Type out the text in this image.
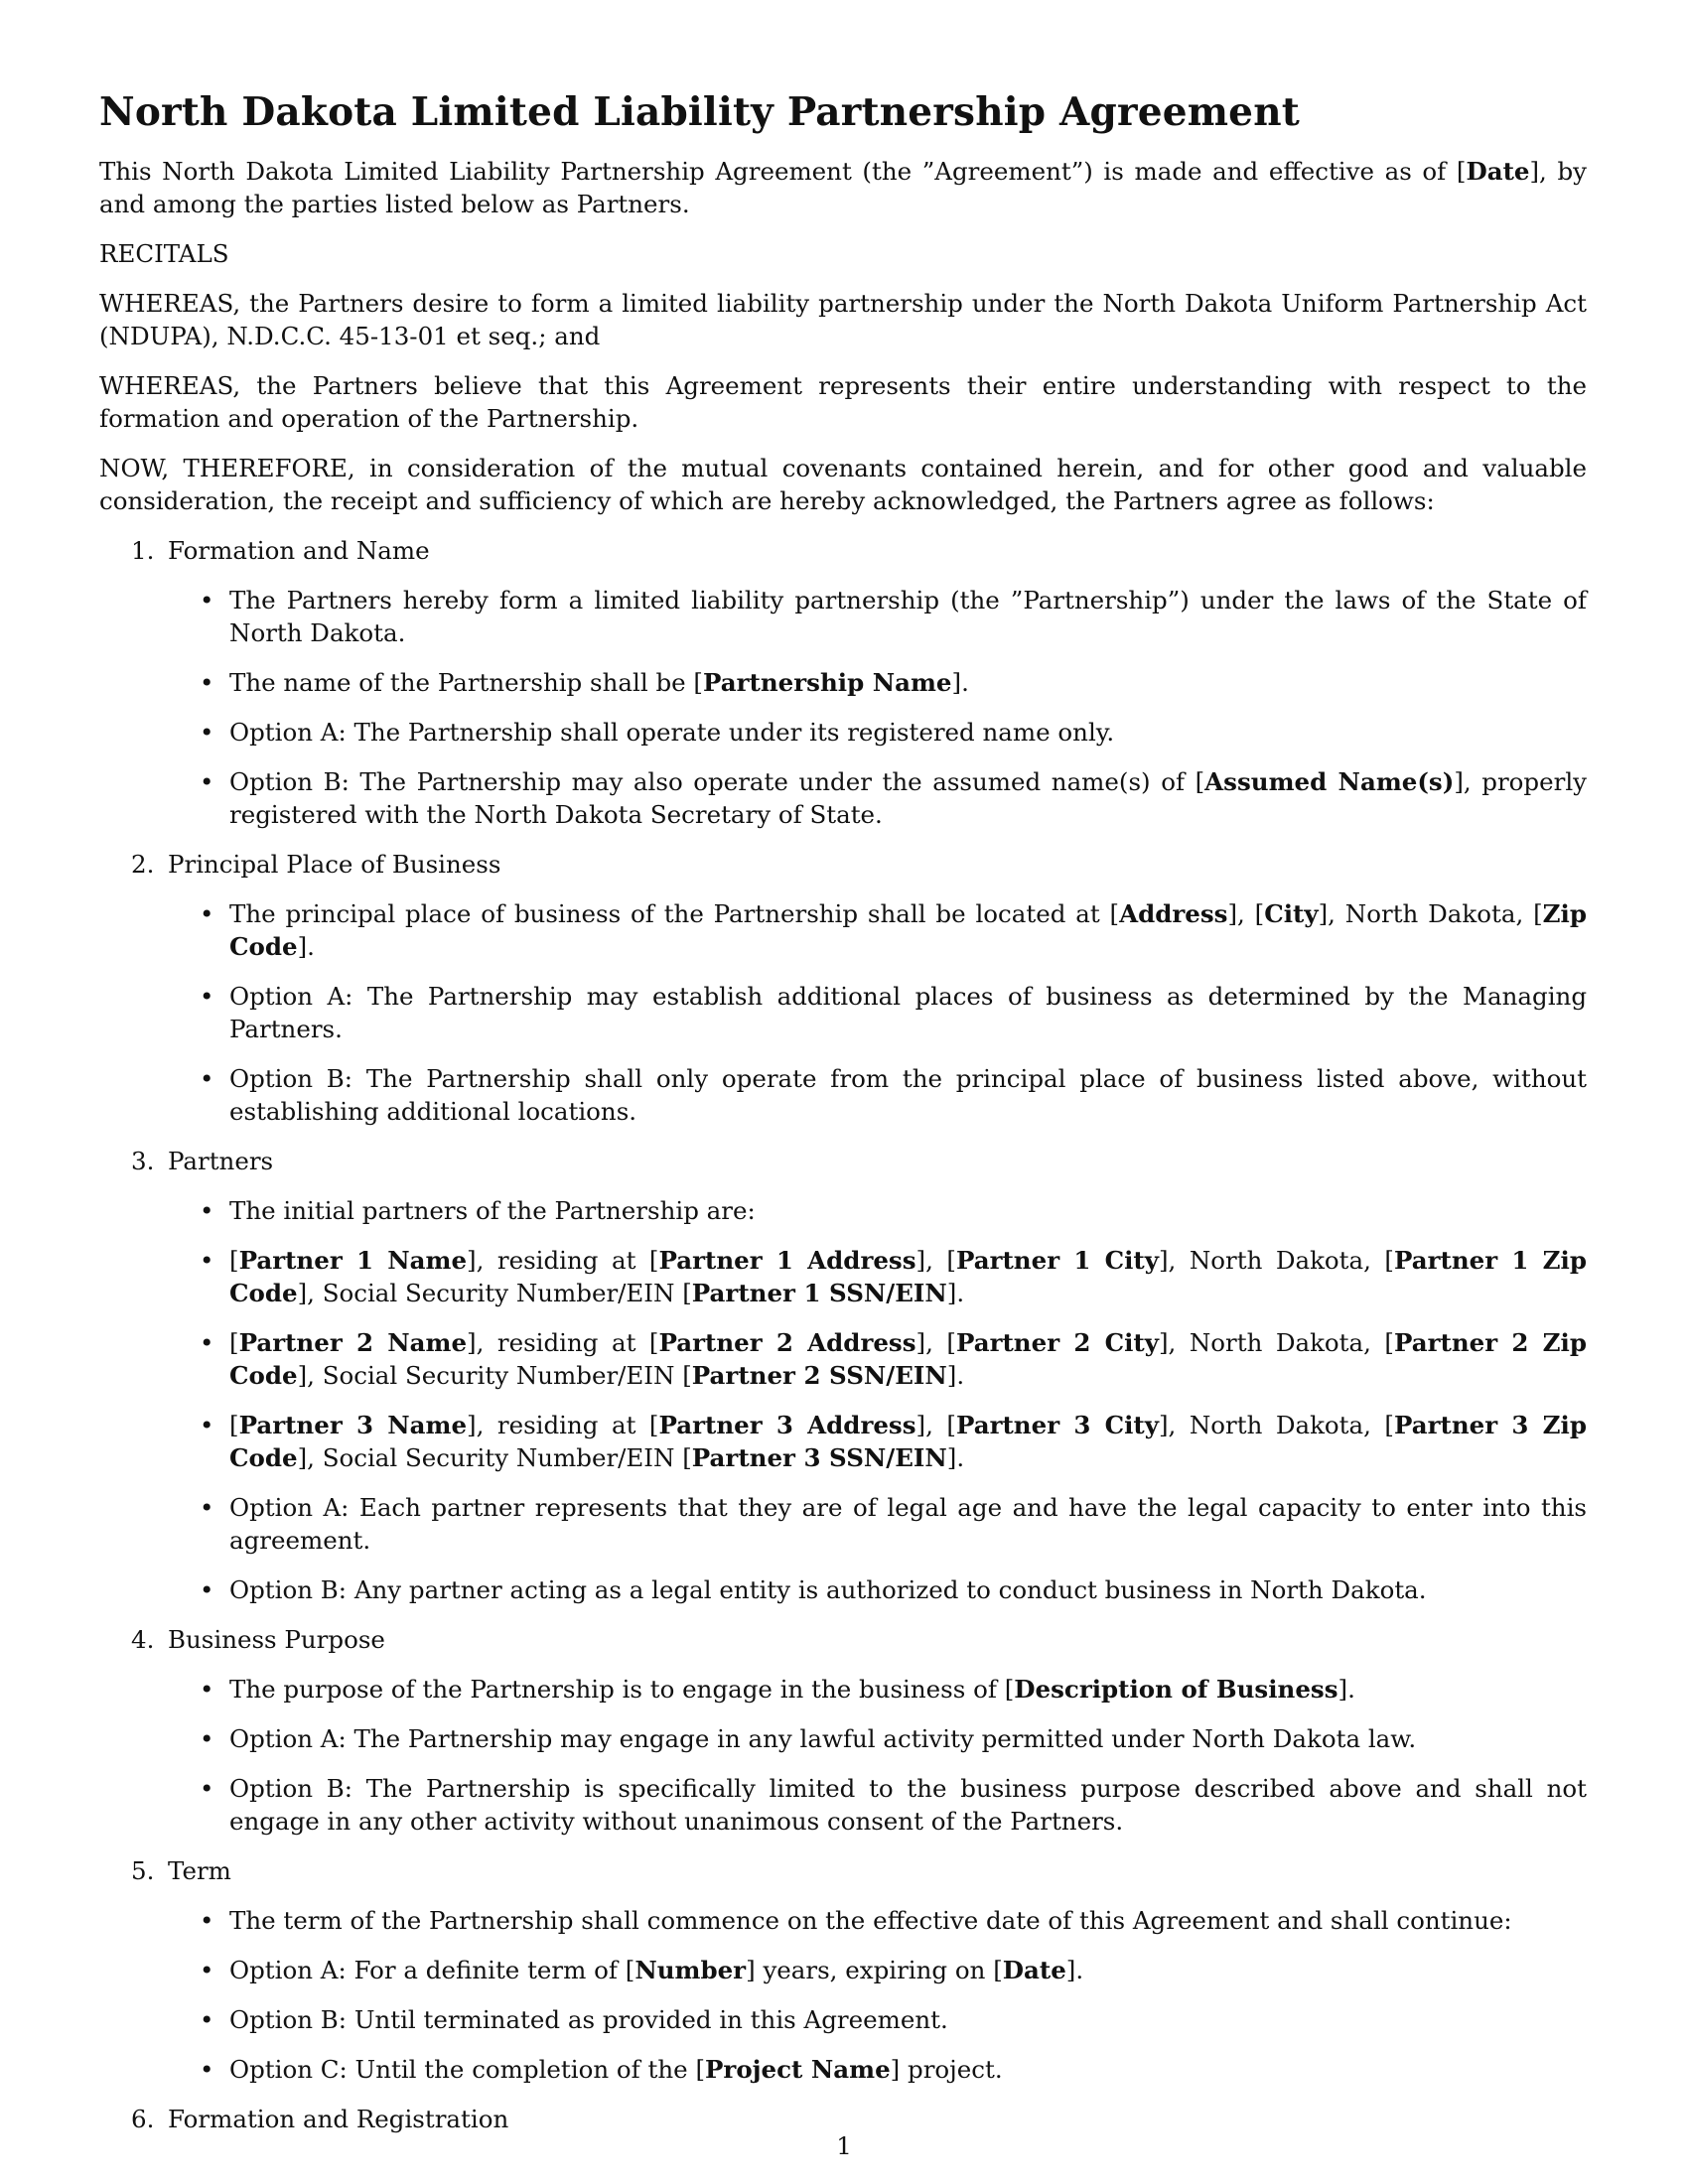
North Dakota Limited Liability Partnership Agreement

This North Dakota Limited Liability Partnership Agreement (the ”Agreement”) is made and effective as of [Date], by and among the parties listed below as Partners.

RECITALS

WHEREAS, the Partners desire to form a limited liability partnership under the North Dakota Uniform Partnership Act (NDUPA), N.D.C.C. 45-13-01 et seq.; and

WHEREAS, the Partners believe that this Agreement represents their entire understanding with respect to the formation and operation of the Partnership.

NOW, THEREFORE, in consideration of the mutual covenants contained herein, and for other good and valuable consideration, the receipt and sufficiency of which are hereby acknowledged, the Partners agree as follows:

1. Formation and Name
• The Partners hereby form a limited liability partnership (the ”Partnership”) under the laws of the State of North Dakota.
• The name of the Partnership shall be [Partnership Name].
• Option A: The Partnership shall operate under its registered name only.
• Option B: The Partnership may also operate under the assumed name(s) of [Assumed Name(s)], properly registered with the North Dakota Secretary of State.
2. Principal Place of Business
• The principal place of business of the Partnership shall be located at [Address], [City], North Dakota, [Zip Code].
• Option A: The Partnership may establish additional places of business as determined by the Managing Partners.
• Option B: The Partnership shall only operate from the principal place of business listed above, without establishing additional locations.
3. Partners
• The initial partners of the Partnership are:
• [Partner 1 Name], residing at [Partner 1 Address], [Partner 1 City], North Dakota, [Partner 1 Zip Code], Social Security Number/EIN [Partner 1 SSN/EIN].
• [Partner 2 Name], residing at [Partner 2 Address], [Partner 2 City], North Dakota, [Partner 2 Zip Code], Social Security Number/EIN [Partner 2 SSN/EIN].
• [Partner 3 Name], residing at [Partner 3 Address], [Partner 3 City], North Dakota, [Partner 3 Zip Code], Social Security Number/EIN [Partner 3 SSN/EIN].
• Option A: Each partner represents that they are of legal age and have the legal capacity to enter into this agreement.
• Option B: Any partner acting as a legal entity is authorized to conduct business in North Dakota.
4. Business Purpose
• The purpose of the Partnership is to engage in the business of [Description of Business].
• Option A: The Partnership may engage in any lawful activity permitted under North Dakota law.
• Option B: The Partnership is specifically limited to the business purpose described above and shall not engage in any other activity without unanimous consent of the Partners.
5. Term
• The term of the Partnership shall commence on the effective date of this Agreement and shall continue:
• Option A: For a definite term of [Number] years, expiring on [Date].
• Option B: Until terminated as provided in this Agreement.
• Option C: Until the completion of the [Project Name] project.
6. Formation and Registration
1
